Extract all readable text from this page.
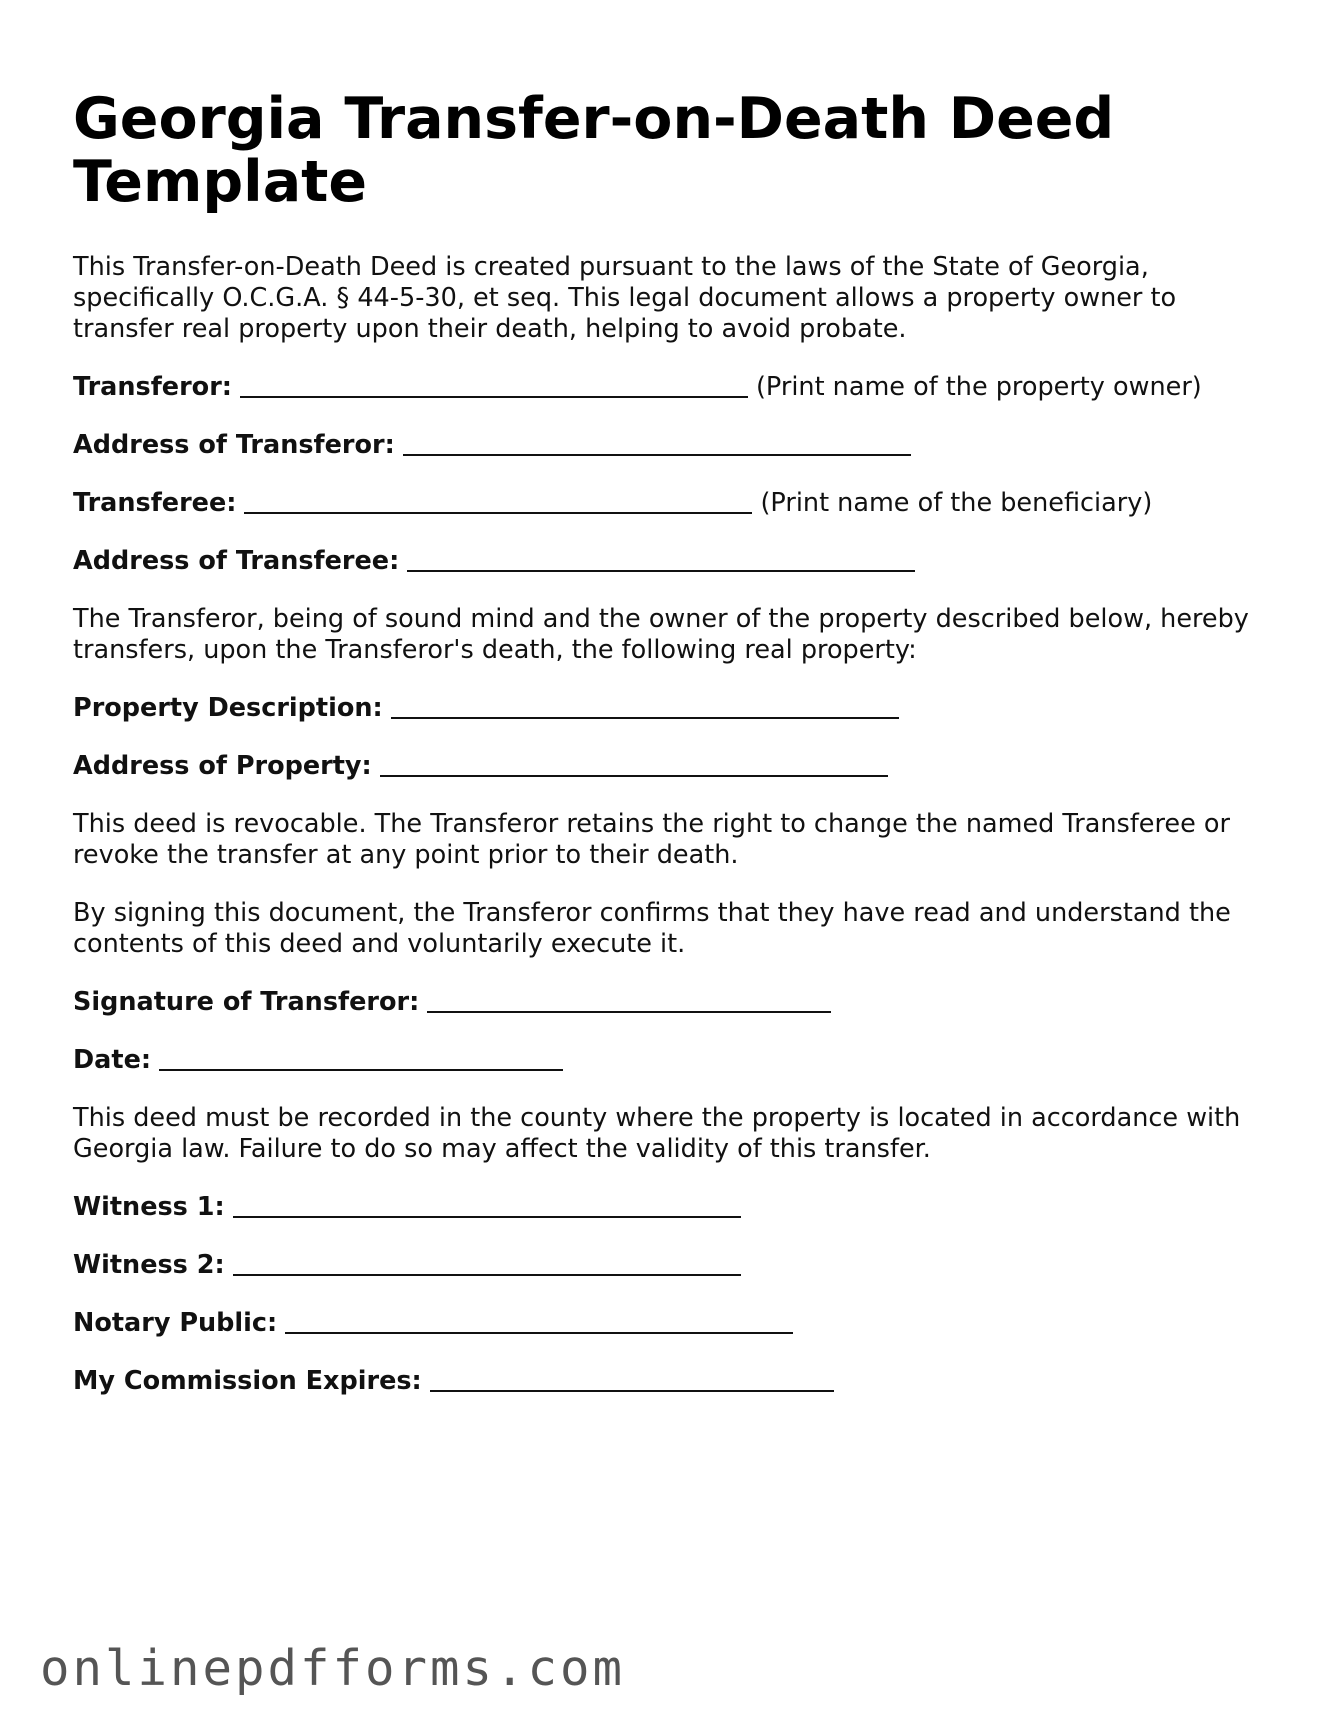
Georgia Transfer-on-Death Deed Template

This Transfer-on-Death Deed is created pursuant to the laws of the State of Georgia, specifically O.C.G.A. § 44-5-30, et seq. This legal document allows a property owner to transfer real property upon their death, helping to avoid probate.

Transferor:	(Print name of the property owner)
Address of Transferor:
Transferee:	(Print name of the beneficiary)
Address of Transferee:

The Transferor, being of sound mind and the owner of the property described below, hereby transfers, upon the Transferor's death, the following real property:

Property Description:
Address of Property:

This deed is revocable. The Transferor retains the right to change the named Transferee or revoke the transfer at any point prior to their death.

By signing this document, the Transferor confirms that they have read and understand the contents of this deed and voluntarily execute it.

Signature of Transferor:
Date:

This deed must be recorded in the county where the property is located in accordance with Georgia law. Failure to do so may affect the validity of this transfer.

Witness 1:
Witness 2:
Notary Public:
My Commission Expires:
onlinepdfforms.com
